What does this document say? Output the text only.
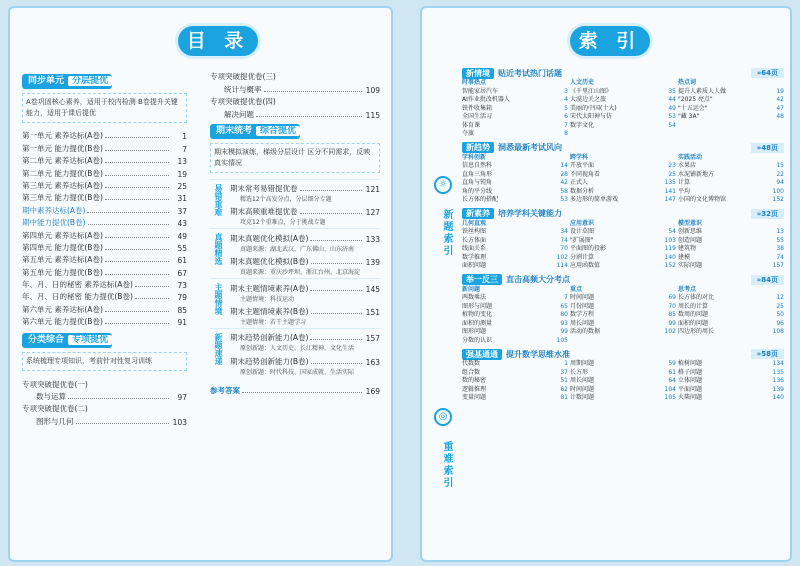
目 录
同步单元 分层提优
A卷巩固核心素养，适用于校内检测 B卷提升关键能力，适用于课后提优
第一单元 素养达标(A卷)	1
第一单元 能力提优(B卷)	7
第二单元 素养达标(A卷)	13
第二单元 能力提优(B卷)	19
第三单元 素养达标(A卷)	25
第三单元 能力提优(B卷)	31
期中素养达标(A卷)	37
期中能力提优(B卷)	43
第四单元 素养达标(A卷)	49
第四单元 能力提优(B卷)	55
第五单元 素养达标(A卷)	61
第五单元 能力提优(B卷)	67
年、月、日的秘密 素养达标(A卷)	73
年、月、日的秘密 能力提优(B卷)	79
第六单元 素养达标(A卷)	85
第六单元 能力提优(B卷)	91
分类综合 专项提优
系统梳理专项知识，考前针对性复习训练
专项突破提优卷(一)
数与运算	97
专项突破提优卷(二)
图形与几何	103
专项突破提优卷(三)
统计与概率	109
专项突破提优卷(四)
解决问题	115
期末统考 综合提优
期末模拟演练，梯级分层设计 区分不同需求，反映真实情况
易错重难 期末常考易错提优卷	121
精选12个高发分点，分层细分专题
期末高频重难提优卷	127
攻克12个重难点，分于挑战专题
真题精选 期末真题优化模拟(A卷)	133
真题来源：湖北武汉、广东佛山、山东济南
期末真题优化模拟(B卷)	139
真题来源：重庆沙坪坝、浙江台州、北京海淀
主题情境 期末主题情境素养(A卷)	145
主题情境：科技运动
期末主题情境素养(B卷)	151
主题情境：若干主题学习
新题速递 期末趋势创新能力(A卷)	157
原创新题：人文历史、长江精神、文化生活
期末趋势创新能力(B卷)	163
原创新题：时代科技、国家成就、生活实际
参考答案	169
索 引
☼
新题索引
◎
重难索引
新情境	贴近考试热门话题	»64页
时事热点
智能家居汽车	3
AI作业批改机器人	4
铁件收集箱	5
全国生活习	6
体育课	7
夺旗	8
人文历史
《千里江山图》	35
大漠边关之旅	44
美丽的中国(十大)	49
宋代太阳神与仿	53
数字文化	54
热点词
提升人素质人人做	19
"2025 亮点"	42
"十五运会"	47
"藏 3A"	48
新趋势	洞悉最新考试风向	»48页
学科创新
信息自然科	14
直角三角形	28
直角与钝角	42
角的平分线	58
长方体的搭配	53
跨学科
开放平面	23
不同视角看	25
正式人	135
数据分析	141
多边形的简单游戏	147
实践活动
水果店	15
水泥铺新地方	22
计算	94
平均	100
小国的文化博物馆	152
新素养	培养学科关键能力	»32页
几何直观
铁丝构图	34
长方体面	74
线面关系	70
数学推理	102
面积问题	114
应用意识
设计草图	54
"扩展图"	103
平面图的投影	119
分割计算	140
应用函数值	152
模型意识
创新思维	13
创造问题	55
建筑物	38
建模	74
实际问题	157
举一反三	直击高频大分考点	»84页
新问题
两数乘法	7
图形与问题	65
植物的变化	80
面积的测量	93
图形问题	99
分数的认识	105
重点
时间问题	69
月份问题	70
数学方程	85
周长问题	99
活动的数据	102
思考点
长方体的对比	12
周长的计算	25
数周的问题	50
面积的问题	96
四边形的周长	108
强基通通	提升数学思维水准	»58页
代数数	1
组合数	37
数的秘密	51
逻辑推理	62
变量问题	81
周期问题	59
长方形	61
周长问题	64
时间问题	104
计数问题	105
植树问题	134
格子问题	135
立体问题	136
平面问题	139
火柴问题	140
